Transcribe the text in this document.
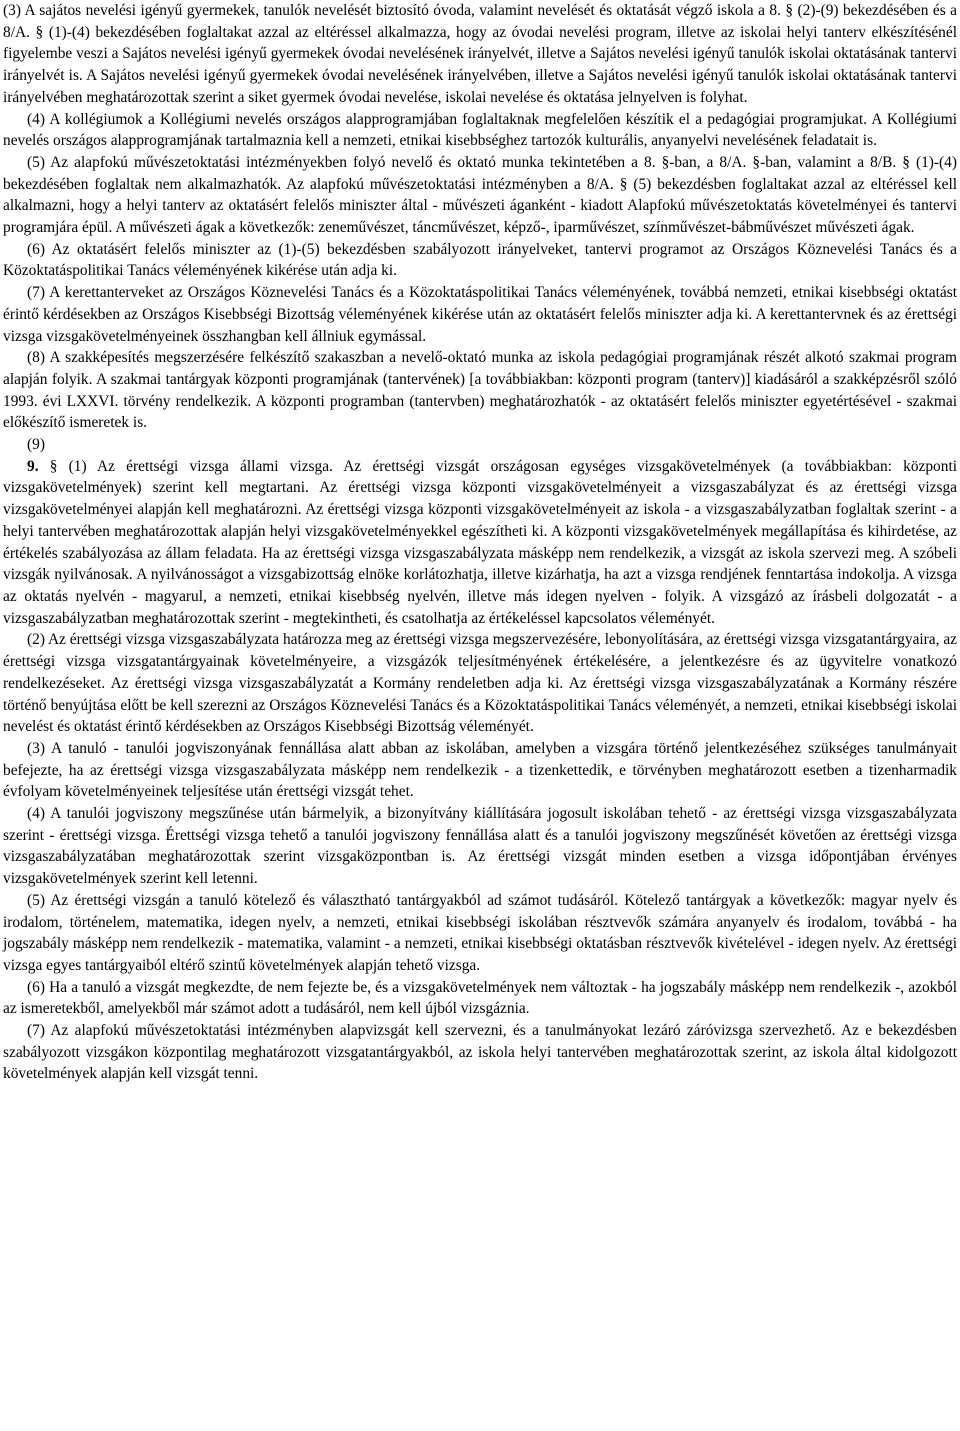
(3) A sajátos nevelési igényű gyermekek, tanulók nevelését biztosító óvoda, valamint nevelését és oktatását végző iskola a 8. § (2)-(9) bekezdésében és a 8/A. § (1)-(4) bekezdésében foglaltakat azzal az eltéréssel alkalmazza, hogy az óvodai nevelési program, illetve az iskolai helyi tanterv elkészítésénél figyelembe veszi a Sajátos nevelési igényű gyermekek óvodai nevelésének irányelvét, illetve a Sajátos nevelési igényű tanulók iskolai oktatásának tantervi irányelvét is. A Sajátos nevelési igényű gyermekek óvodai nevelésének irányelvében, illetve a Sajátos nevelési igényű tanulók iskolai oktatásának tantervi irányelvében meghatározottak szerint a siket gyermek óvodai nevelése, iskolai nevelése és oktatása jelnyelven is folyhat.

(4) A kollégiumok a Kollégiumi nevelés országos alapprogramjában foglaltaknak megfelelően készítik el a pedagógiai programjukat. A Kollégiumi nevelés országos alapprogramjának tartalmaznia kell a nemzeti, etnikai kisebbséghez tartozók kulturális, anyanyelvi nevelésének feladatait is.

(5) Az alapfokú művészetoktatási intézményekben folyó nevelő és oktató munka tekintetében a 8. §-ban, a 8/A. §-ban, valamint a 8/B. § (1)-(4) bekezdésében foglaltak nem alkalmazhatók. Az alapfokú művészetoktatási intézményben a 8/A. § (5) bekezdésben foglaltakat azzal az eltéréssel kell alkalmazni, hogy a helyi tanterv az oktatásért felelős miniszter által - művészeti áganként - kiadott Alapfokú művészetoktatás követelményei és tantervi programjára épül. A művészeti ágak a következők: zeneművészet, táncművészet, képző-, iparművészet, színművészet-bábművészet művészeti ágak.

(6) Az oktatásért felelős miniszter az (1)-(5) bekezdésben szabályozott irányelveket, tantervi programot az Országos Köznevelési Tanács és a Közoktatáspolitikai Tanács véleményének kikérése után adja ki.

(7) A kerettanterveket az Országos Köznevelési Tanács és a Közoktatáspolitikai Tanács véleményének, továbbá nemzeti, etnikai kisebbségi oktatást érintő kérdésekben az Országos Kisebbségi Bizottság véleményének kikérése után az oktatásért felelős miniszter adja ki. A kerettantervnek és az érettségi vizsga vizsgakövetelményeinek összhangban kell állniuk egymással.

(8) A szakképesítés megszerzésére felkészítő szakaszban a nevelő-oktató munka az iskola pedagógiai programjának részét alkotó szakmai program alapján folyik. A szakmai tantárgyak központi programjának (tantervének) [a továbbiakban: központi program (tanterv)] kiadásáról a szakképzésről szóló 1993. évi LXXVI. törvény rendelkezik. A központi programban (tantervben) meghatározhatók - az oktatásért felelős miniszter egyetértésével - szakmai előkészítő ismeretek is.

(9)

9. § (1) Az érettségi vizsga állami vizsga. Az érettségi vizsgát országosan egységes vizsgakövetelmények (a továbbiakban: központi vizsgakövetelmények) szerint kell megtartani. Az érettségi vizsga központi vizsgakövetelményeit a vizsgaszabályzat és az érettségi vizsga vizsgakövetelményei alapján kell meghatározni. Az érettségi vizsga központi vizsgakövetelményeit az iskola - a vizsgaszabályzatban foglaltak szerint - a helyi tantervében meghatározottak alapján helyi vizsgakövetelményekkel egészítheti ki. A központi vizsgakövetelmények megállapítása és kihirdetése, az értékelés szabályozása az állam feladata. Ha az érettségi vizsga vizsgaszabályzata másképp nem rendelkezik, a vizsgát az iskola szervezi meg. A szóbeli vizsgák nyilvánosak. A nyilvánosságot a vizsgabizottság elnöke korlátozhatja, illetve kizárhatja, ha azt a vizsga rendjének fenntartása indokolja. A vizsga az oktatás nyelvén - magyarul, a nemzeti, etnikai kisebbség nyelvén, illetve más idegen nyelven - folyik. A vizsgázó az írásbeli dolgozatát - a vizsgaszabályzatban meghatározottak szerint - megtekintheti, és csatolhatja az értékeléssel kapcsolatos véleményét.

(2) Az érettségi vizsga vizsgaszabályzata határozza meg az érettségi vizsga megszervezésére, lebonyolítására, az érettségi vizsga vizsgatantárgyaira, az érettségi vizsga vizsgatantárgyainak követelményeire, a vizsgázók teljesítményének értékelésére, a jelentkezésre és az ügyvitelre vonatkozó rendelkezéseket. Az érettségi vizsga vizsgaszabályzatát a Kormány rendeletben adja ki. Az érettségi vizsga vizsgaszabályzatának a Kormány részére történő benyújtása előtt be kell szerezni az Országos Köznevelési Tanács és a Közoktatáspolitikai Tanács véleményét, a nemzeti, etnikai kisebbségi iskolai nevelést és oktatást érintő kérdésekben az Országos Kisebbségi Bizottság véleményét.

(3) A tanuló - tanulói jogviszonyának fennállása alatt abban az iskolában, amelyben a vizsgára történő jelentkezéséhez szükséges tanulmányait befejezte, ha az érettségi vizsga vizsgaszabályzata másképp nem rendelkezik - a tizenkettedik, e törvényben meghatározott esetben a tizenharmadik évfolyam követelményeinek teljesítése után érettségi vizsgát tehet.

(4) A tanulói jogviszony megszűnése után bármelyik, a bizonyítvány kiállítására jogosult iskolában tehető - az érettségi vizsga vizsgaszabályzata szerint - érettségi vizsga. Érettségi vizsga tehető a tanulói jogviszony fennállása alatt és a tanulói jogviszony megszűnését követően az érettségi vizsga vizsgaszabályzatában meghatározottak szerint vizsgaközpontban is. Az érettségi vizsgát minden esetben a vizsga időpontjában érvényes vizsgakövetelmények szerint kell letenni.

(5) Az érettségi vizsgán a tanuló kötelező és választható tantárgyakból ad számot tudásáról. Kötelező tantárgyak a következők: magyar nyelv és irodalom, történelem, matematika, idegen nyelv, a nemzeti, etnikai kisebbségi iskolában résztvevők számára anyanyelv és irodalom, továbbá - ha jogszabály másképp nem rendelkezik - matematika, valamint - a nemzeti, etnikai kisebbségi oktatásban résztvevők kivételével - idegen nyelv. Az érettségi vizsga egyes tantárgyaiból eltérő szintű követelmények alapján tehető vizsga.

(6) Ha a tanuló a vizsgát megkezdte, de nem fejezte be, és a vizsgakövetelmények nem változtak - ha jogszabály másképp nem rendelkezik -, azokból az ismeretekből, amelyekből már számot adott a tudásáról, nem kell újból vizsgáznia.

(7) Az alapfokú művészetoktatási intézményben alapvizsgát kell szervezni, és a tanulmányokat lezáró záróvizsga szervezhető. Az e bekezdésben szabályozott vizsgákon központilag meghatározott vizsgatantárgyakból, az iskola helyi tantervében meghatározottak szerint, az iskola által kidolgozott követelmények alapján kell vizsgát tenni.
